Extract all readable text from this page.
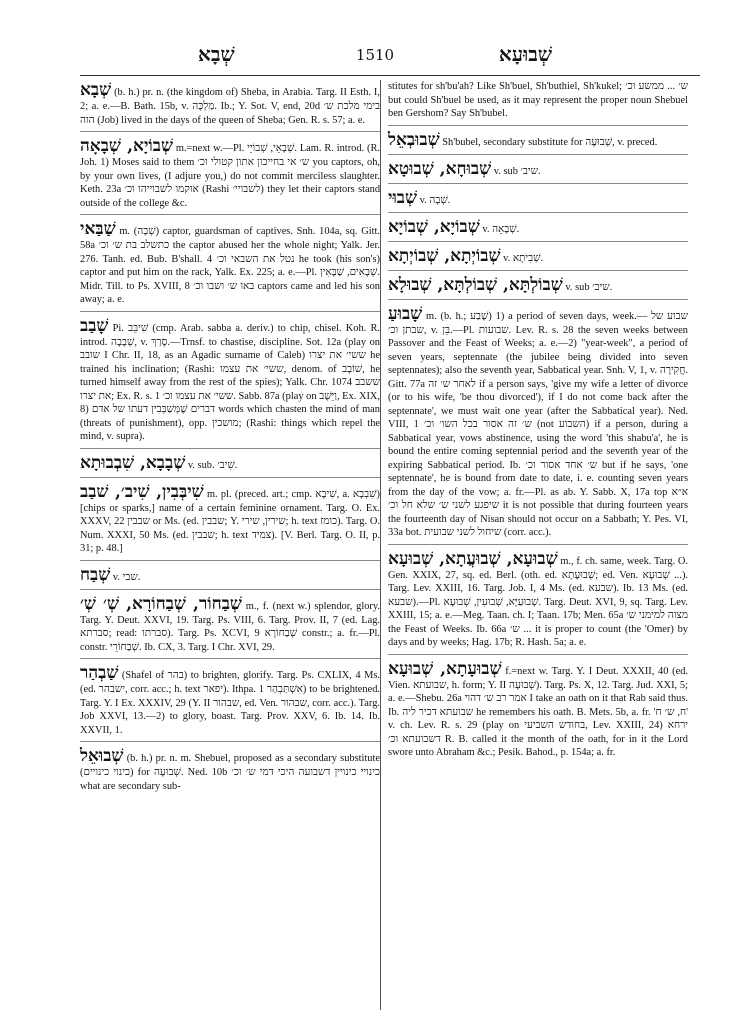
שְׁבָא	1510	שְׁבוּעָא

שְׁבָא (b. h.) pr. n. (the kingdom of) Sheba, in Arabia. Targ. II Esth. I, 2; a. e.—B. Bath. 15b, v. מַלְכָּה. Ib.; Y. Sot. V, end, 20d בימי מלכת ש׳ הוה (Job) lived in the days of the queen of Sheba; Gen. R. s. 57; a. e.

שְׁבוֹיָא, שְׁבָאָה m.=next w.—Pl. שְׁבָאֵי, שְׁבוֹיֵי. Lam. R. introd. (R. Joh. 1) Moses said to them ש׳ אי בחייכון אתון קטולי וכ׳ you captors, oh, by your own lives, (I adjure you,) do not commit merciless slaughter. Keth. 23a אוקמו לשבוייהו וכ׳ (Rashi לשבויי׳) they let their captors stand outside of the college &c.

שַׁבַּאי m. (שְׁבָה) captor, guardsman of captives. Snh. 104a, sq. Gitt. 58a כתשלב בת ש׳ וכ׳ the captor abused her the whole night; Yalk. Jer. 276. Tanh. ed. Bub. B'shall. 4 נטל את השבאי וכ׳ he took (his son's) captor and put him on the rack, Yalk. Ex. 225; a. e.—Pl. שְׁבָאִים, שַׁבָּאִין. Midr. Till. to Ps. XVIII, 8 באו ש׳ ושבו וכ׳ captors came and led his son away; a. e.

שָׁבַב Pi. שִׁיבֵּב (cmp. Arab. sabba a. deriv.) to chip, chisel. Koh. R. introd. שְׁבָבָה, v. סָרַךְ.—Trnsf. to chastise, discipline. Sot. 12a (play on שובב I Chr. II, 18, as an Agadic surname of Caleb) ששי׳ את יצרו he trained his inclination; (Rashi: ששי׳ את עצמו, denom. of שׁוֹבָב, he turned himself away from the rest of the spies); Yalk. Chr. 1074 ששבב את יצרו; Ex. R. s. 1 ששי׳ את עצמו וכ׳. Sabb. 87a (play on וַיֵּשֶׁב, Ex. XIX, 8) דברים שֶׁמְּשַׁבְּבִין דעתו של אדם words which chasten the mind of man (threats of punishment), opp. מושכין; (Rashi: things which repel the mind, v. supra).

שְׁבָבָא, שִׁבְבוּתָא v. sub. שִׁיב׳.

שִׁיבְּבִין, שִׁיב׳, שׁבַב m. pl. (preced. art.; cmp. שִׁיבָא, a. שִׁבְבָא) [chips or sparks,] name of a certain feminine ornament. Targ. O. Ex. XXXV, 22 שבבין or Ms. (ed. שבבין; Y. שירין, שירי; h. text כומז). Targ. O. Num. XXXI, 50 Ms. (ed. שבבין; h. text צמיד). [V. Berl. Targ. O. II, p. 31; p. 48.]

שְׁבַח v. שבי.

שְׁבַחוֹר, שְׁבַחוֹרָא, שְׁ׳ שְׁ׳ m., f. (next w.) splendor, glory. Targ. Y. Deut. XXVI, 19. Targ. Ps. VIII, 6. Targ. Prov. II, 7 (ed. Lag. סברתא; read: סברתו). Targ. Ps. XCVI, 9 שְׁבַחוֹרָא constr.; a. fr.—Pl. constr. שְׁבַחוֹרֵי. Ib. CX, 3. Targ. I Chr. XVI, 29.

שַׁבְהַר (Shafel of בהר) to brighten, glorify. Targ. Ps. CXLIX, 4 Ms. (ed. ישבהר, corr. acc.; h. text יפאר). Ithpa. אִשְׁתַּבְהַר 1) to be brightened. Targ. Y. I Ex. XXXIV, 29 (Y. II שבהור, ed. Ven. שבהור, corr. acc.). Targ. Job XXVI, 13.—2) to glory, boast. Targ. Prov. XXV, 6. Ib. 14. Ib. XXVII, 1.

שְׁבוּאֵל (b. h.) pr. n. m. Shebuel, proposed as a secondary substitute (כינוי כינויים) for שְׁבוּעָה. Ned. 10b כינויי כינויין דשבועה היכי דמי ש׳ וכ׳ what are secondary sub-

stitutes for sh'bu'ah? Like Sh'buel, Sh'buthiel, Sh'kukel; ש׳ ... ממשע וכ׳ but could Sh'buel be used, as it may represent the proper noun Shebuel ben Gershom? Say Sh'bubel.

שְׁבוּבְאֵל Sh'bubel, secondary substitute for שְׁבוּעָה, v. preced.

שְׁבוּחָא, שְׁבוּטָא v. sub שיב׳.

שְׁבוּי v. שְׁבָה.

שְׁבוֹיָא, שְׁבוֹיָא v. שְׁבָאָה.

שְׁבוֹיְתָא, שְׁבוֹיְתָא v. שְׁבִיתָא.

שְׁבוֹלְתָּא, שְׁבוֹלְתָּא, שְׁבוּלָא v. sub שיב׳.

שָׁבוּעַ m. (b. h.; שֶׁבַע) 1) a period of seven days, week.— שבוע של שבתן וכ׳, v. בֵּן.—Pl. שבועות. Lev. R. s. 28 the seven weeks between Passover and the Feast of Weeks; a. e.—2) "year-week", a period of seven years, septennate (the jubilee being divided into seven septennates); also the seventh year, Sabbatical year. Snh. V, 1, v. חֲקִירָה. Gitt. 77a לאחר ש׳ זה if a person says, 'give my wife a letter of divorce (or to his wife, 'be thou divorced'), if I do not come back after the septennate', we must wait one year (after the Sabbatical year). Ned. VIII, 1 ש׳ זה אסור בכל השו׳ וכ׳ (not השבוע) if a person, during a Sabbatical year, vows abstinence, using the word 'this shabu'a', he is bound the entire coming septennial period and the seventh year of the expiring Sabbatical period. Ib. ש׳ אחד אסור וכ׳ but if he says, 'one septennate', he is bound from date to date, i. e. counting seven years from the day of the vow; a. fr.—Pl. as ab. Y. Sabb. X, 17a top א״א שיפגע לשני ש׳ שלא חל וכ׳ it is not possible that during fourteen years the fourteenth day of Nisan should not occur on a Sabbath; Y. Pes. VI, 33a bot. שיחול לשני שבועית (corr. acc.).

שְׁבוּעָא, שְׁבוּעֲתָא, שְׁבוּעָא m., f. ch. same, week. Targ. O. Gen. XXIX, 27, sq. ed. Berl. (oth. ed. שְׁבוּעָתָא; ed. Ven. שְׁבוּעָא ...). Targ. Lev. XXIII, 16. Targ. Job. I, 4 Ms. (ed. שבעא). Ib. 13 Ms. (ed. שבעא).—Pl. שְׁבוּעַיָּא, שְׁבוּעִין, שְׁבוּעָא. Targ. Deut. XVI, 9, sq. Targ. Lev. XXIII, 15; a. e.—Meg. Taan. ch. I; Taan. 17b; Men. 65a מצוה למימני ש׳ the Feast of Weeks. Ib. 66a ש׳ ... it is proper to count (the 'Omer) by days and by weeks; Hag. 17b; R. Hash. 5a; a. e.

שְׁבוּעָתָא, שְׁבוּעָא f.=next w. Targ. Y. I Deut. XXXII, 40 (ed. Vien. שבועתא, h. form; Y. II שְׁבוּעָה). Targ. Ps. X, 12. Targ. Jud. XXI, 5; a. e.—Shebu. 26a אמר רב ש׳ דהוי I take an oath on it that Rab said thus. Ib. שבועתא דכיר ליה he remembers his oath. B. Mets. 5b, a. fr. 'ח, ש׳ ח' v. ch. Lev. R. s. 29 (play on בחודש השביעי, Lev. XXIII, 24) ירחא דשבועתא וכ׳ R. B. called it the month of the oath, for in it the Lord swore unto Abraham &c.; Pesik. Bahod., p. 154a; a. fr.
